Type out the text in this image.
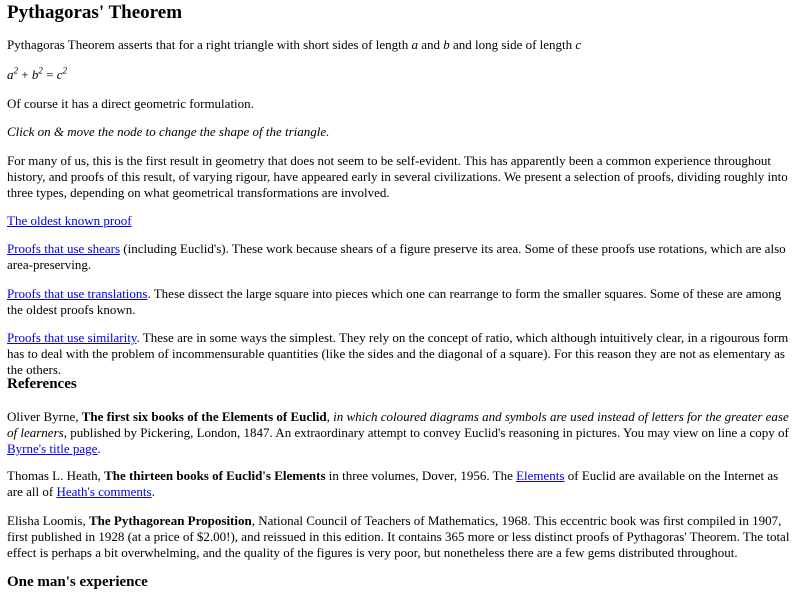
Pythagoras' Theorem

Pythagoras Theorem asserts that for a right triangle with short sides of length a and b and long side of length c

$a^2 + b^2 = c^2$

Of course it has a direct geometric formulation.

Click on & move the node to change the shape of the triangle.

For many of us, this is the first result in geometry that does not seem to be self-evident. This has apparently been a common experience throughout history, and proofs of this result, of varying rigour, have appeared early in several civilizations. We present a selection of proofs, dividing roughly into three types, depending on what geometrical transformations are involved.

The oldest known proof

Proofs that use shears (including Euclid's). These work because shears of a figure preserve its area. Some of these proofs use rotations, which are also area-preserving.

Proofs that use translations. These dissect the large square into pieces which one can rearrange to form the smaller squares. Some of these are among the oldest proofs known.

Proofs that use similarity. These are in some ways the simplest. They rely on the concept of ratio, which although intuitively clear, in a rigourous form has to deal with the problem of incommensurable quantities (like the sides and the diagonal of a square). For this reason they are not as elementary as the others.

References

Oliver Byrne, The first six books of the Elements of Euclid, in which coloured diagrams and symbols are used instead of letters for the greater ease of learners, published by Pickering, London, 1847. An extraordinary attempt to convey Euclid's reasoning in pictures. You may view on line a copy of Byrne's title page.

Thomas L. Heath, The thirteen books of Euclid's Elements in three volumes, Dover, 1956. The Elements of Euclid are available on the Internet as are all of Heath's comments.

Elisha Loomis, The Pythagorean Proposition, National Council of Teachers of Mathematics, 1968. This eccentric book was first compiled in 1907, first published in 1928 (at a price of $2.00!), and reissued in this edition. It contains 365 more or less distinct proofs of Pythagoras' Theorem. The total effect is perhaps a bit overwhelming, and the quality of the figures is very poor, but nonetheless there are a few gems distributed throughout.

One man's experience
